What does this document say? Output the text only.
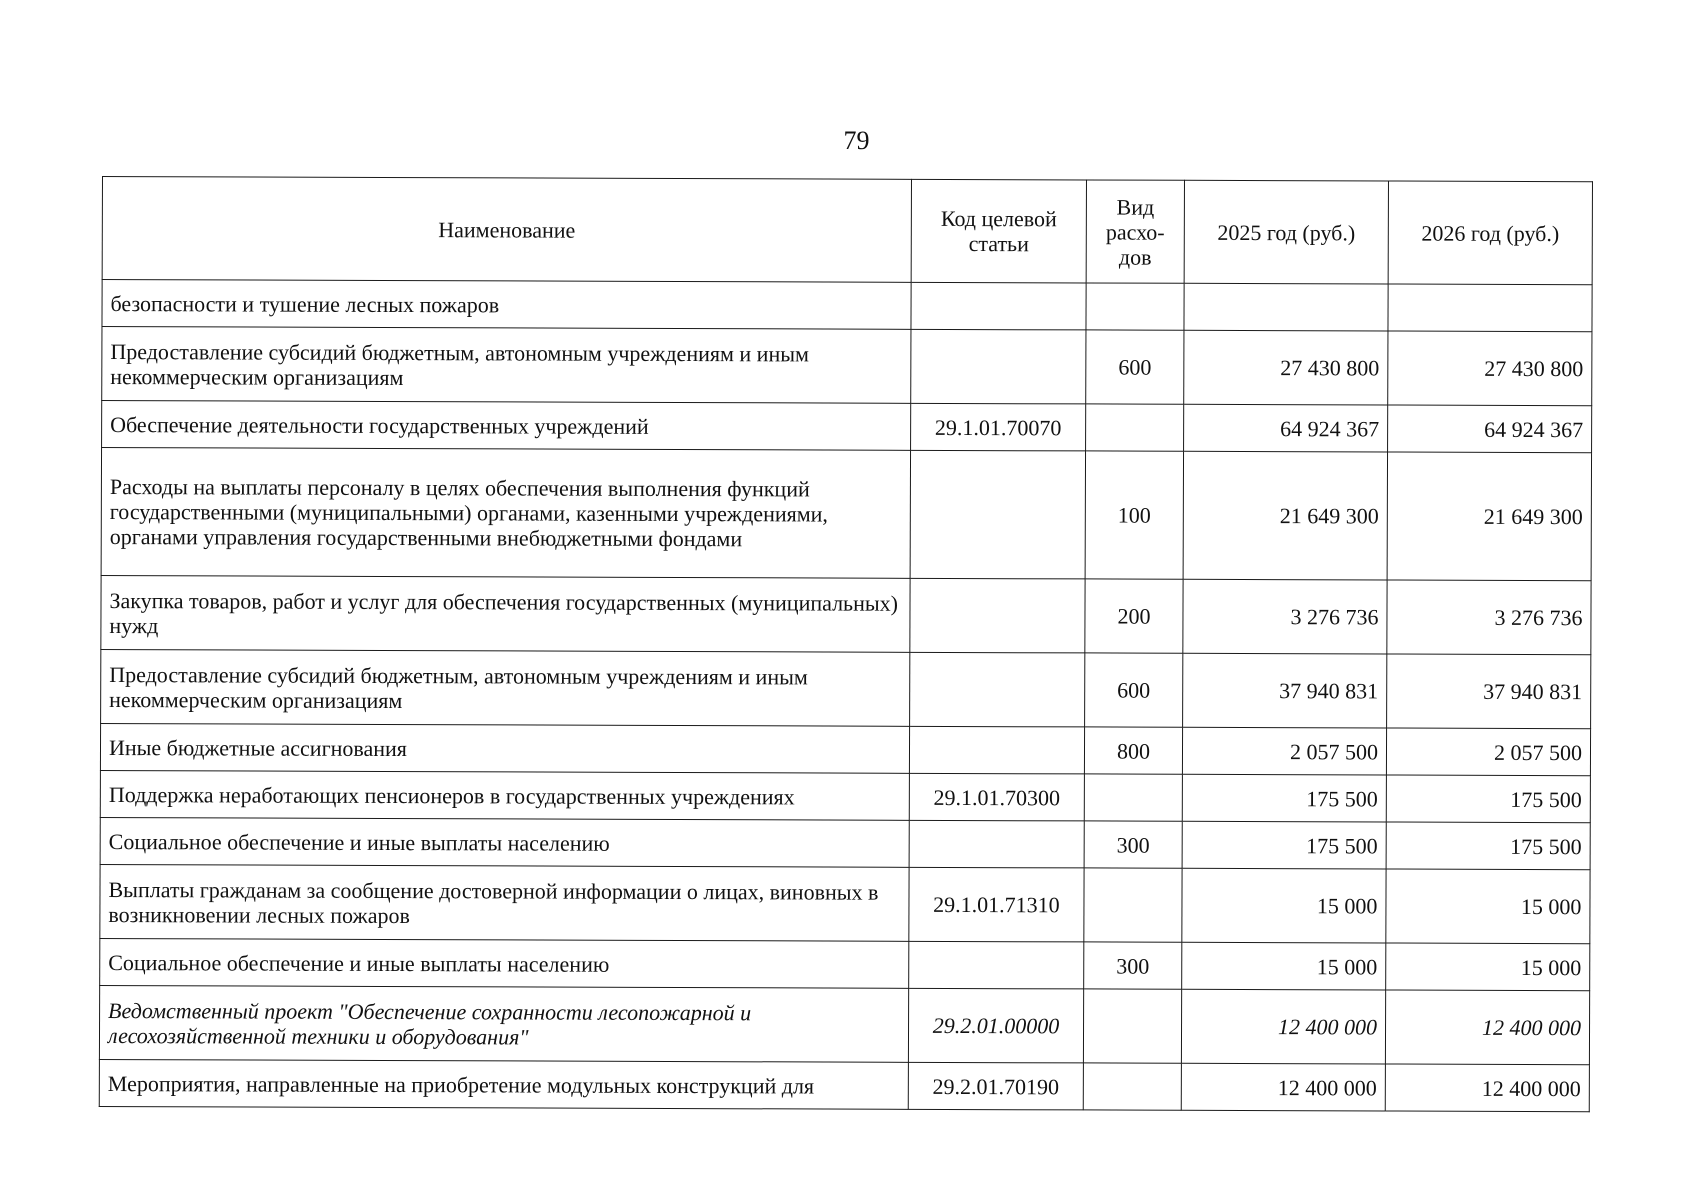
79
Наименование	Код целевой статьи	Вид расхо-дов	2025 год (руб.)	2026 год (руб.)
безопасности и тушение лесных пожаров				
Предоставление субсидий бюджетным, автономным учреждениям и иным некоммерческим организациям		600	27 430 800	27 430 800
Обеспечение деятельности государственных учреждений	29.1.01.70070		64 924 367	64 924 367
Расходы на выплаты персоналу в целях обеспечения выполнения функций государственными (муниципальными) органами, казенными учреждениями, органами управления государственными внебюджетными фондами		100	21 649 300	21 649 300
Закупка товаров, работ и услуг для обеспечения государственных (муниципальных) нужд		200	3 276 736	3 276 736
Предоставление субсидий бюджетным, автономным учреждениям и иным некоммерческим организациям		600	37 940 831	37 940 831
Иные бюджетные ассигнования		800	2 057 500	2 057 500
Поддержка неработающих пенсионеров в государственных учреждениях	29.1.01.70300		175 500	175 500
Социальное обеспечение и иные выплаты населению		300	175 500	175 500
Выплаты гражданам за сообщение достоверной информации о лицах, виновных в возникновении лесных пожаров	29.1.01.71310		15 000	15 000
Социальное обеспечение и иные выплаты населению		300	15 000	15 000
Ведомственный проект "Обеспечение сохранности лесопожарной и лесохозяйственной техники и оборудования"	29.2.01.00000		12 400 000	12 400 000
Мероприятия, направленные на приобретение модульных конструкций для	29.2.01.70190		12 400 000	12 400 000
